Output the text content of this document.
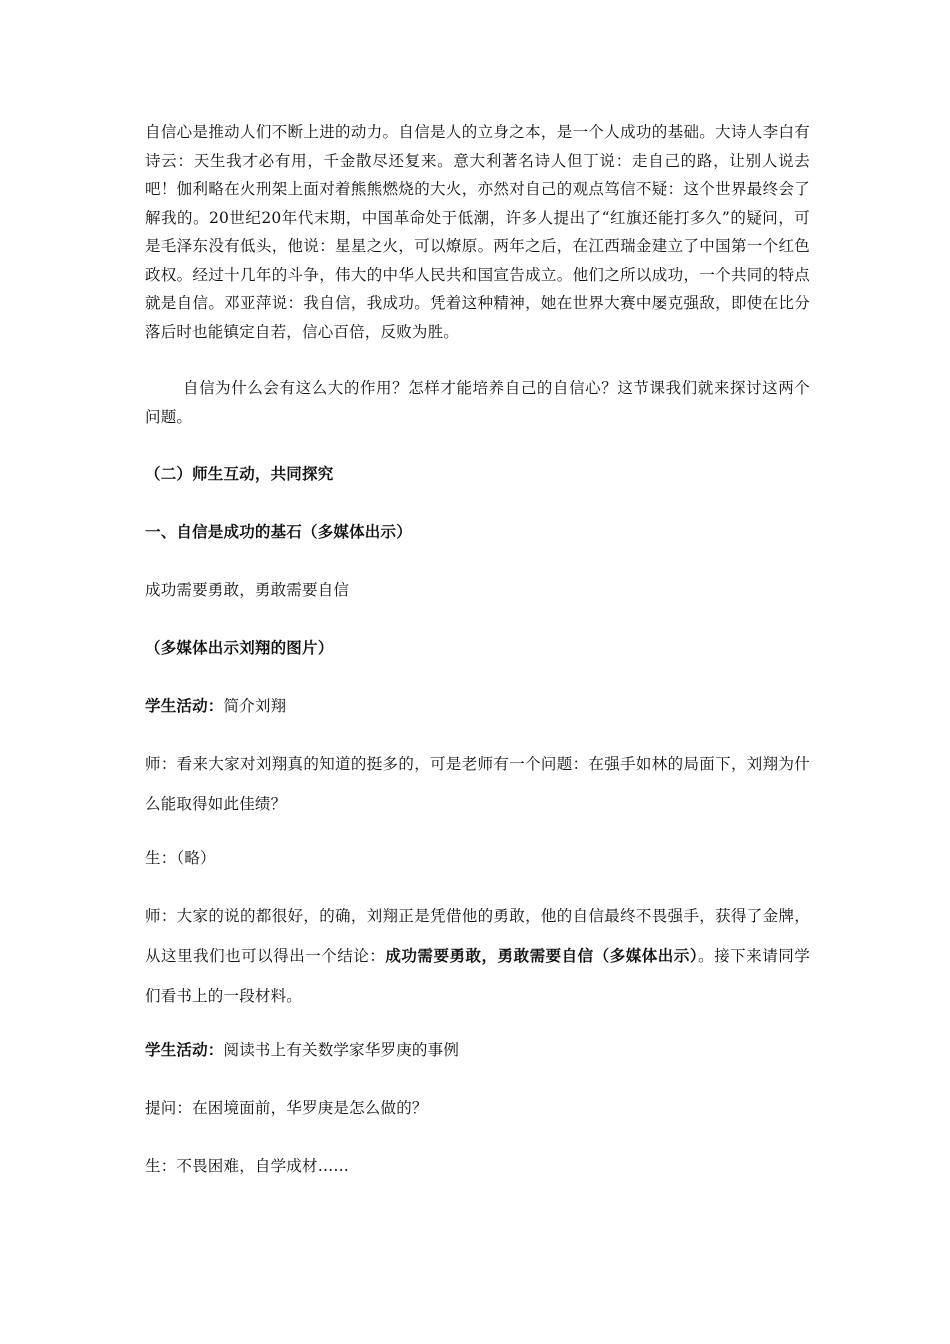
自信心是推动人们不断上进的动力。自信是人的立身之本，是一个人成功的基础。大诗人李白有诗云：天生我才必有用，千金散尽还复来。意大利著名诗人但丁说：走自己的路，让别人说去吧！伽利略在火刑架上面对着熊熊燃烧的大火，亦然对自己的观点笃信不疑：这个世界最终会了解我的。20世纪20年代末期，中国革命处于低潮，许多人提出了“红旗还能打多久”的疑问，可是毛泽东没有低头，他说：星星之火，可以燎原。两年之后，在江西瑞金建立了中国第一个红色政权。经过十几年的斗争，伟大的中华人民共和国宣告成立。他们之所以成功，一个共同的特点就是自信。邓亚萍说：我自信，我成功。凭着这种精神，她在世界大赛中屡克强敌，即使在比分落后时也能镇定自若，信心百倍，反败为胜。

自信为什么会有这么大的作用？怎样才能培养自己的自信心？这节课我们就来探讨这两个问题。

（二）师生互动，共同探究

一、自信是成功的基石（多媒体出示）

成功需要勇敢，勇敢需要自信

（多媒体出示刘翔的图片）

学生活动：简介刘翔

师：看来大家对刘翔真的知道的挺多的，可是老师有一个问题：在强手如林的局面下，刘翔为什么能取得如此佳绩？

生：（略）

师：大家的说的都很好，的确，刘翔正是凭借他的勇敢，他的自信最终不畏强手，获得了金牌，从这里我们也可以得出一个结论：成功需要勇敢，勇敢需要自信（多媒体出示）。接下来请同学们看书上的一段材料。

学生活动：阅读书上有关数学家华罗庚的事例

提问：在困境面前，华罗庚是怎么做的？

生：不畏困难，自学成材……
